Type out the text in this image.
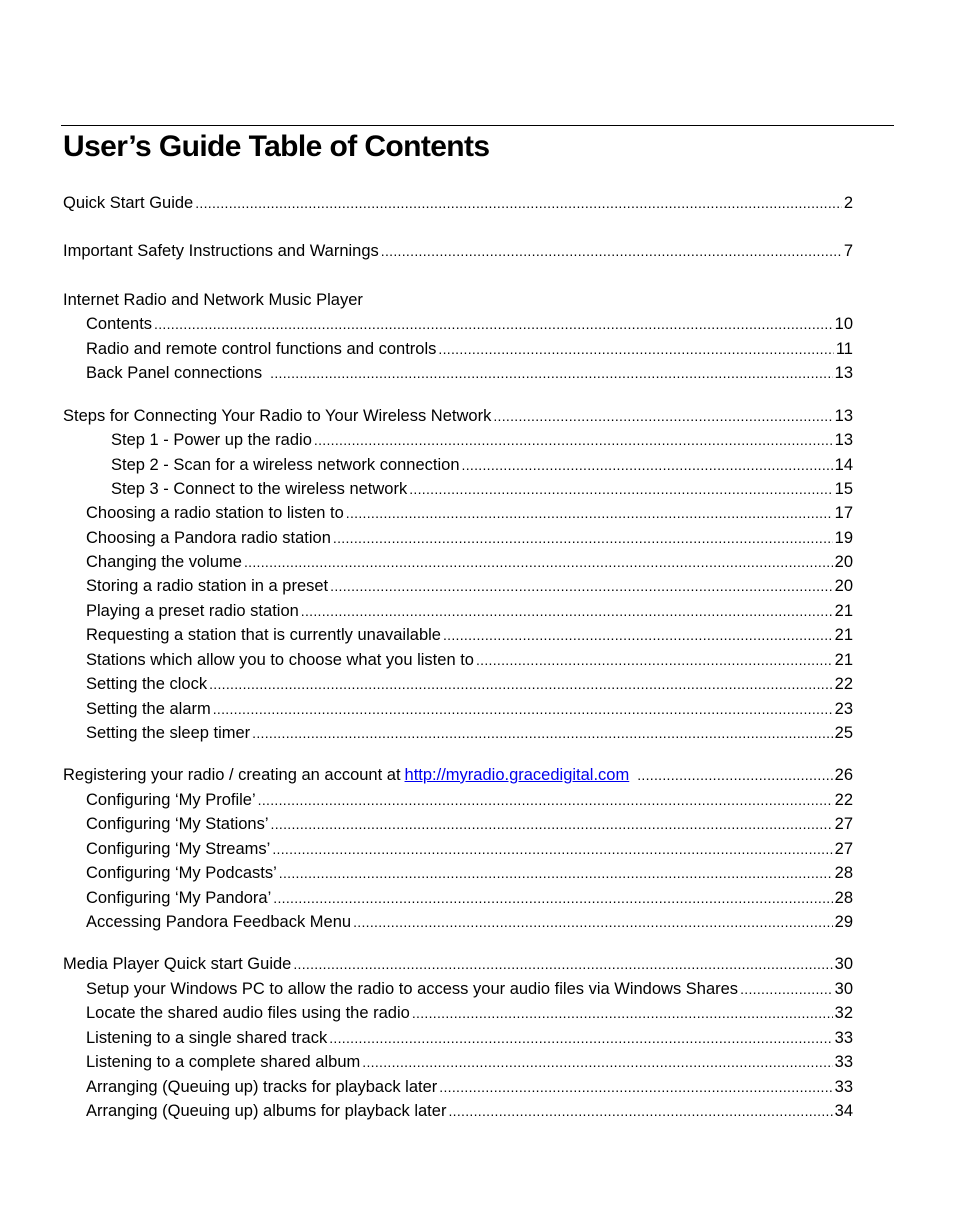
User’s Guide Table of Contents
Quick Start Guide .....	2
Important Safety Instructions and Warnings .....	7
Internet Radio and Network Music Player
Contents .....	10
Radio and remote control functions and controls .....	11
Back Panel connections .....	13
Steps for Connecting Your Radio to Your Wireless Network .....	13
Step 1 - Power up the radio .....	13
Step 2 - Scan for a wireless network connection .....	14
Step 3 - Connect to the wireless network .....	15
Choosing a radio station to listen to .....	17
Choosing a Pandora radio station .....	19
Changing the volume .....	20
Storing a radio station in a preset .....	20
Playing a preset radio station .....	21
Requesting a station that is currently unavailable .....	21
Stations which allow you to choose what you listen to .....	21
Setting the clock .....	22
Setting the alarm .....	23
Setting the sleep timer .....	25
Registering your radio / creating an account at http://myradio.gracedigital.com .....	26
Configuring ‘My Profile’ .....	22
Configuring ‘My Stations’ .....	27
Configuring ‘My Streams’ .....	27
Configuring ‘My Podcasts’ .....	28
Configuring ‘My Pandora’ .....	28
Accessing Pandora Feedback Menu .....	29
Media Player Quick start Guide .....	30
Setup your Windows PC to allow the radio to access your audio files via Windows Shares .....	30
Locate the shared audio files using the radio .....	32
Listening to a single shared track .....	33
Listening to a complete shared album .....	33
Arranging (Queuing up) tracks for playback later .....	33
Arranging (Queuing up) albums for playback later .....	34
